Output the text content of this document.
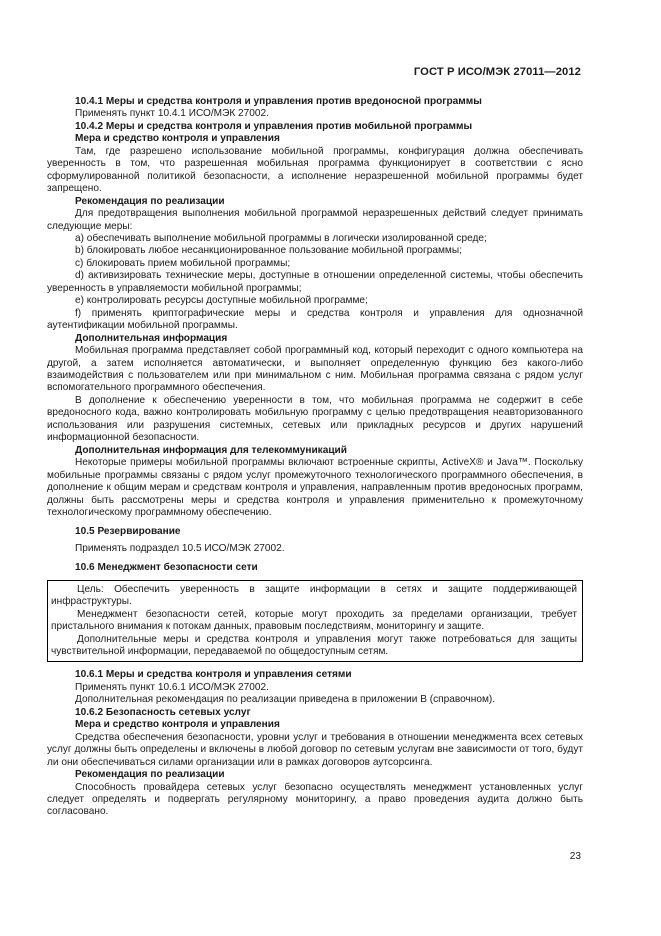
ГОСТ Р ИСО/МЭК 27011—2012

10.4.1 Меры и средства контроля и управления против вредоносной программы

Применять пункт 10.4.1 ИСО/МЭК 27002.

10.4.2 Меры и средства контроля и управления против мобильной программы

Мера и средство контроля и управления

Там, где разрешено использование мобильной программы, конфигурация должна обеспечивать уверенность в том, что разрешенная мобильная программа функционирует в соответствии с ясно сформулированной политикой безопасности, а исполнение неразрешенной мобильной программы будет запрещено.

Рекомендация по реализации

Для предотвращения выполнения мобильной программой неразрешенных действий следует принимать следующие меры:

a) обеспечивать выполнение мобильной программы в логически изолированной среде;

b) блокировать любое несанкционированное пользование мобильной программы;

c) блокировать прием мобильной программы;

d) активизировать технические меры, доступные в отношении определенной системы, чтобы обеспечить уверенность в управляемости мобильной программы;

e) контролировать ресурсы доступные мобильной программе;

f) применять криптографические меры и средства контроля и управления для однозначной аутентификации мобильной программы.

Дополнительная информация

Мобильная программа представляет собой программный код, который переходит с одного компьютера на другой, а затем исполняется автоматически, и выполняет определенную функцию без какого-либо взаимодействия с пользователем или при минимальном с ним. Мобильная программа связана с рядом услуг вспомогательного программного обеспечения.

В дополнение к обеспечению уверенности в том, что мобильная программа не содержит в себе вредоносного кода, важно контролировать мобильную программу с целью предотвращения неавторизованного использования или разрушения системных, сетевых или прикладных ресурсов и других нарушений информационной безопасности.

Дополнительная информация для телекоммуникаций

Некоторые примеры мобильной программы включают встроенные скрипты, ActiveX® и Java™. Поскольку мобильные программы связаны с рядом услуг промежуточного технологического программного обеспечения, в дополнение к общим мерам и средствам контроля и управления, направленным против вредоносных программ, должны быть рассмотрены меры и средства контроля и управления применительно к промежуточному технологическому программному обеспечению.

10.5 Резервирование

Применять подраздел 10.5 ИСО/МЭК 27002.

10.6 Менеджмент безопасности сети

Цель: Обеспечить уверенность в защите информации в сетях и защите поддерживающей инфраструктуры.

Менеджмент безопасности сетей, которые могут проходить за пределами организации, требует пристального внимания к потокам данных, правовым последствиям, мониторингу и защите.

Дополнительные меры и средства контроля и управления могут также потребоваться для защиты чувствительной информации, передаваемой по общедоступным сетям.

10.6.1 Меры и средства контроля и управления сетями

Применять пункт 10.6.1 ИСО/МЭК 27002.

Дополнительная рекомендация по реализации приведена в приложении В (справочном).

10.6.2 Безопасность сетевых услуг

Мера и средство контроля и управления

Средства обеспечения безопасности, уровни услуг и требования в отношении менеджмента всех сетевых услуг должны быть определены и включены в любой договор по сетевым услугам вне зависимости от того, будут ли они обеспечиваться силами организации или в рамках договоров аутсорсинга.

Рекомендация по реализации

Способность провайдера сетевых услуг безопасно осуществлять менеджмент установленных услуг следует определять и подвергать регулярному мониторингу, а право проведения аудита должно быть согласовано.

23
